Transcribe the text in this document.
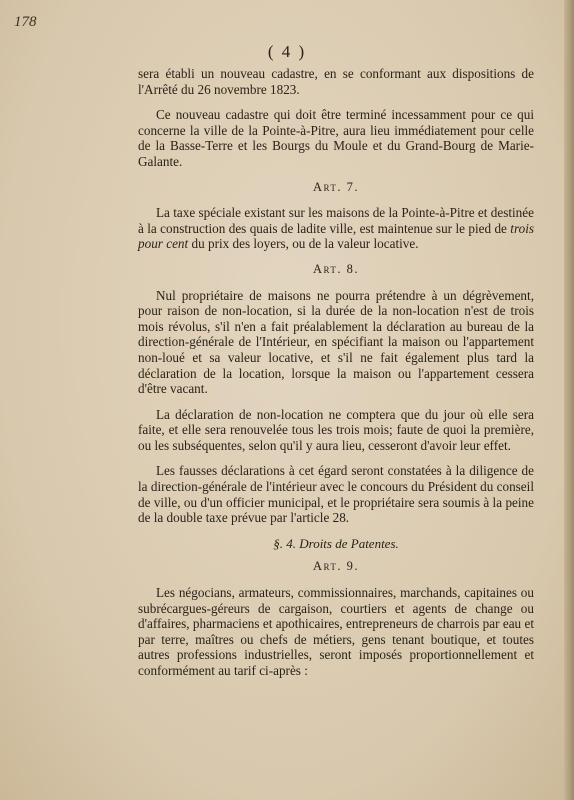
178
( 4 )

sera établi un nouveau cadastre, en se conformant aux dispositions de l'Arrêté du 26 novembre 1823.

Ce nouveau cadastre qui doit être terminé incessamment pour ce qui concerne la ville de la Pointe-à-Pitre, aura lieu immédiatement pour celle de la Basse-Terre et les Bourgs du Moule et du Grand-Bourg de Marie-Galante.

Art. 7.

La taxe spéciale existant sur les maisons de la Pointe-à-Pitre et destinée à la construction des quais de ladite ville, est maintenue sur le pied de trois pour cent du prix des loyers, ou de la valeur locative.

Art. 8.

Nul propriétaire de maisons ne pourra prétendre à un dégrèvement, pour raison de non-location, si la durée de la non-location n'est de trois mois révolus, s'il n'en a fait préalablement la déclaration au bureau de la direction-générale de l'Intérieur, en spécifiant la maison ou l'appartement non-loué et sa valeur locative, et s'il ne fait également plus tard la déclaration de la location, lorsque la maison ou l'appartement cessera d'être vacant.

La déclaration de non-location ne comptera que du jour où elle sera faite, et elle sera renouvelée tous les trois mois; faute de quoi la première, ou les subséquentes, selon qu'il y aura lieu, cesseront d'avoir leur effet.

Les fausses déclarations à cet égard seront constatées à la diligence de la direction-générale de l'intérieur avec le concours du Président du conseil de ville, ou d'un officier municipal, et le propriétaire sera soumis à la peine de la double taxe prévue par l'article 28.

§. 4. Droits de Patentes.
Art. 9.

Les négocians, armateurs, commissionnaires, marchands, capitaines ou subrécargues-géreurs de cargaison, courtiers et agents de change ou d'affaires, pharmaciens et apothicaires, entrepreneurs de charrois par eau et par terre, maîtres ou chefs de métiers, gens tenant boutique, et toutes autres professions industrielles, seront imposés proportionnellement et conformément au tarif ci-après :
